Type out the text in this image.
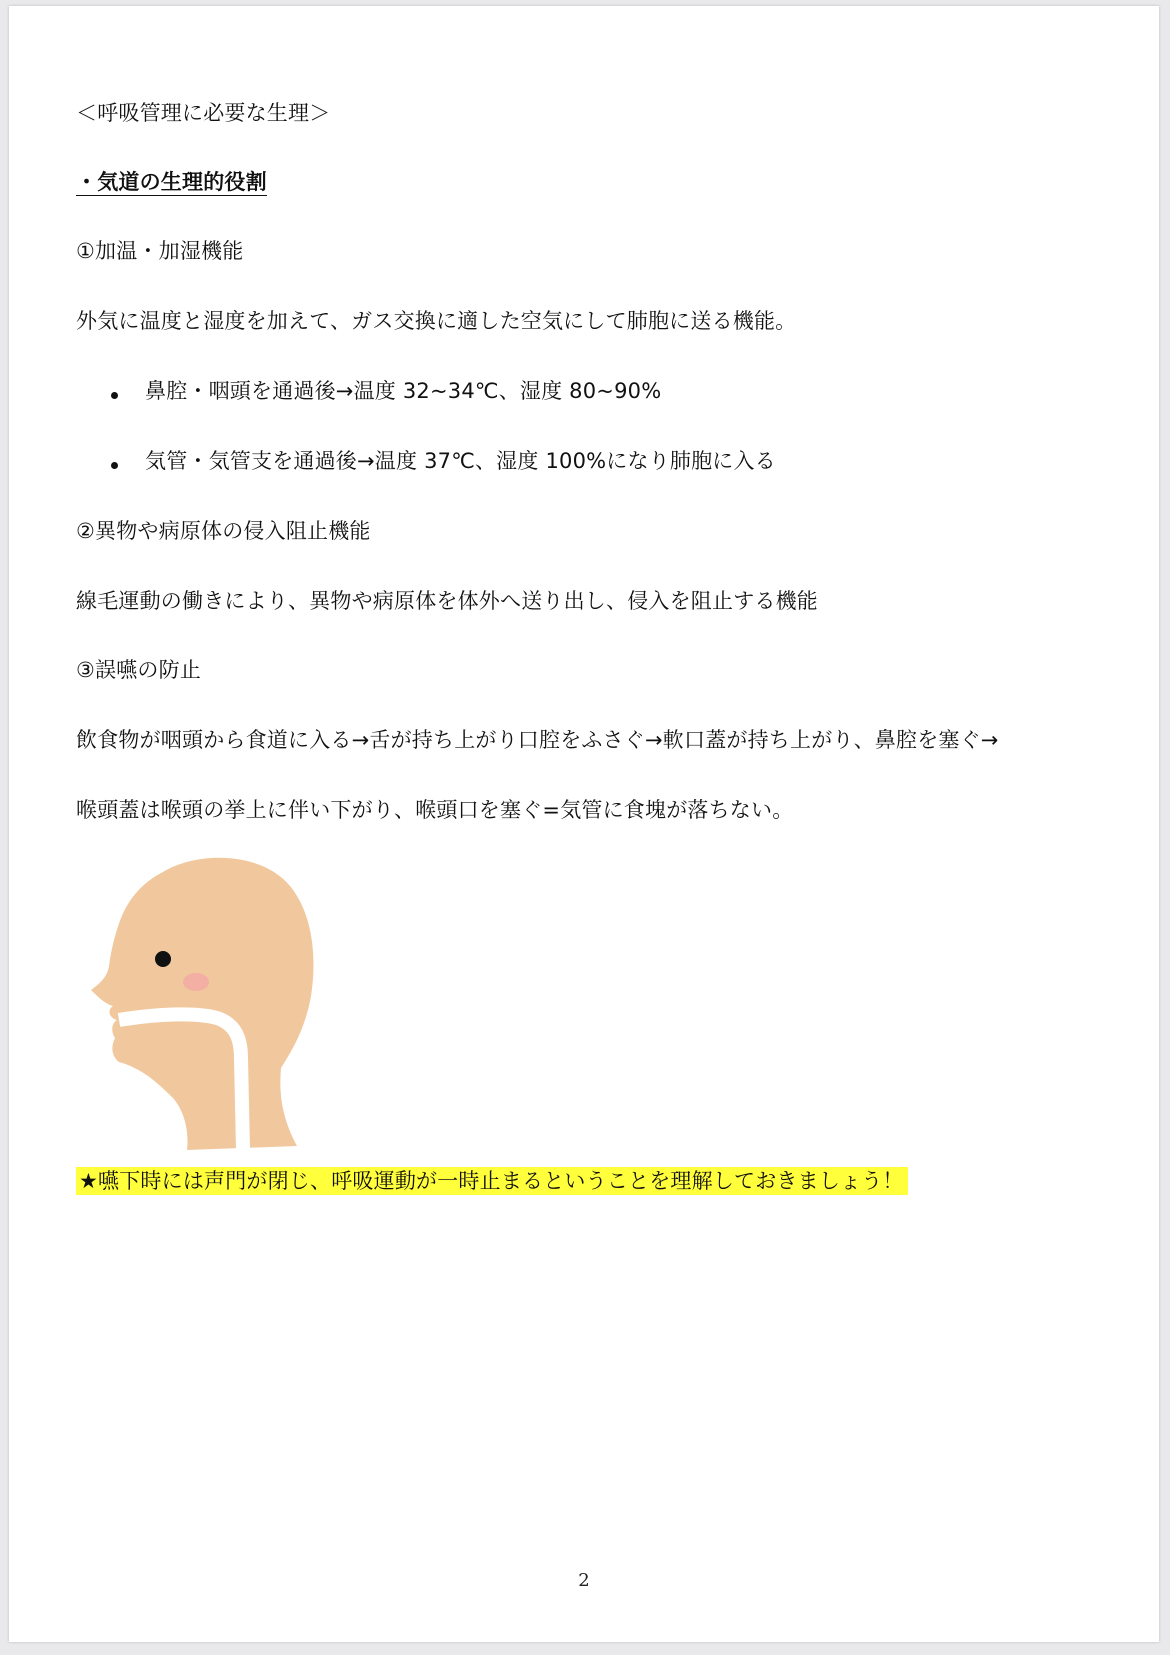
＜呼吸管理に必要な生理＞
・気道の生理的役割
①加温・加湿機能
外気に温度と湿度を加えて、ガス交換に適した空気にして肺胞に送る機能。
鼻腔・咽頭を通過後→温度 32~34℃、湿度 80~90%
気管・気管支を通過後→温度 37℃、湿度 100%になり肺胞に入る
②異物や病原体の侵入阻止機能
線毛運動の働きにより、異物や病原体を体外へ送り出し、侵入を阻止する機能
③誤嚥の防止
飲食物が咽頭から食道に入る→舌が持ち上がり口腔をふさぐ→軟口蓋が持ち上がり、鼻腔を塞ぐ→
喉頭蓋は喉頭の挙上に伴い下がり、喉頭口を塞ぐ=気管に食塊が落ちない。
★嚥下時には声門が閉じ、呼吸運動が一時止まるということを理解しておきましょう！
2
